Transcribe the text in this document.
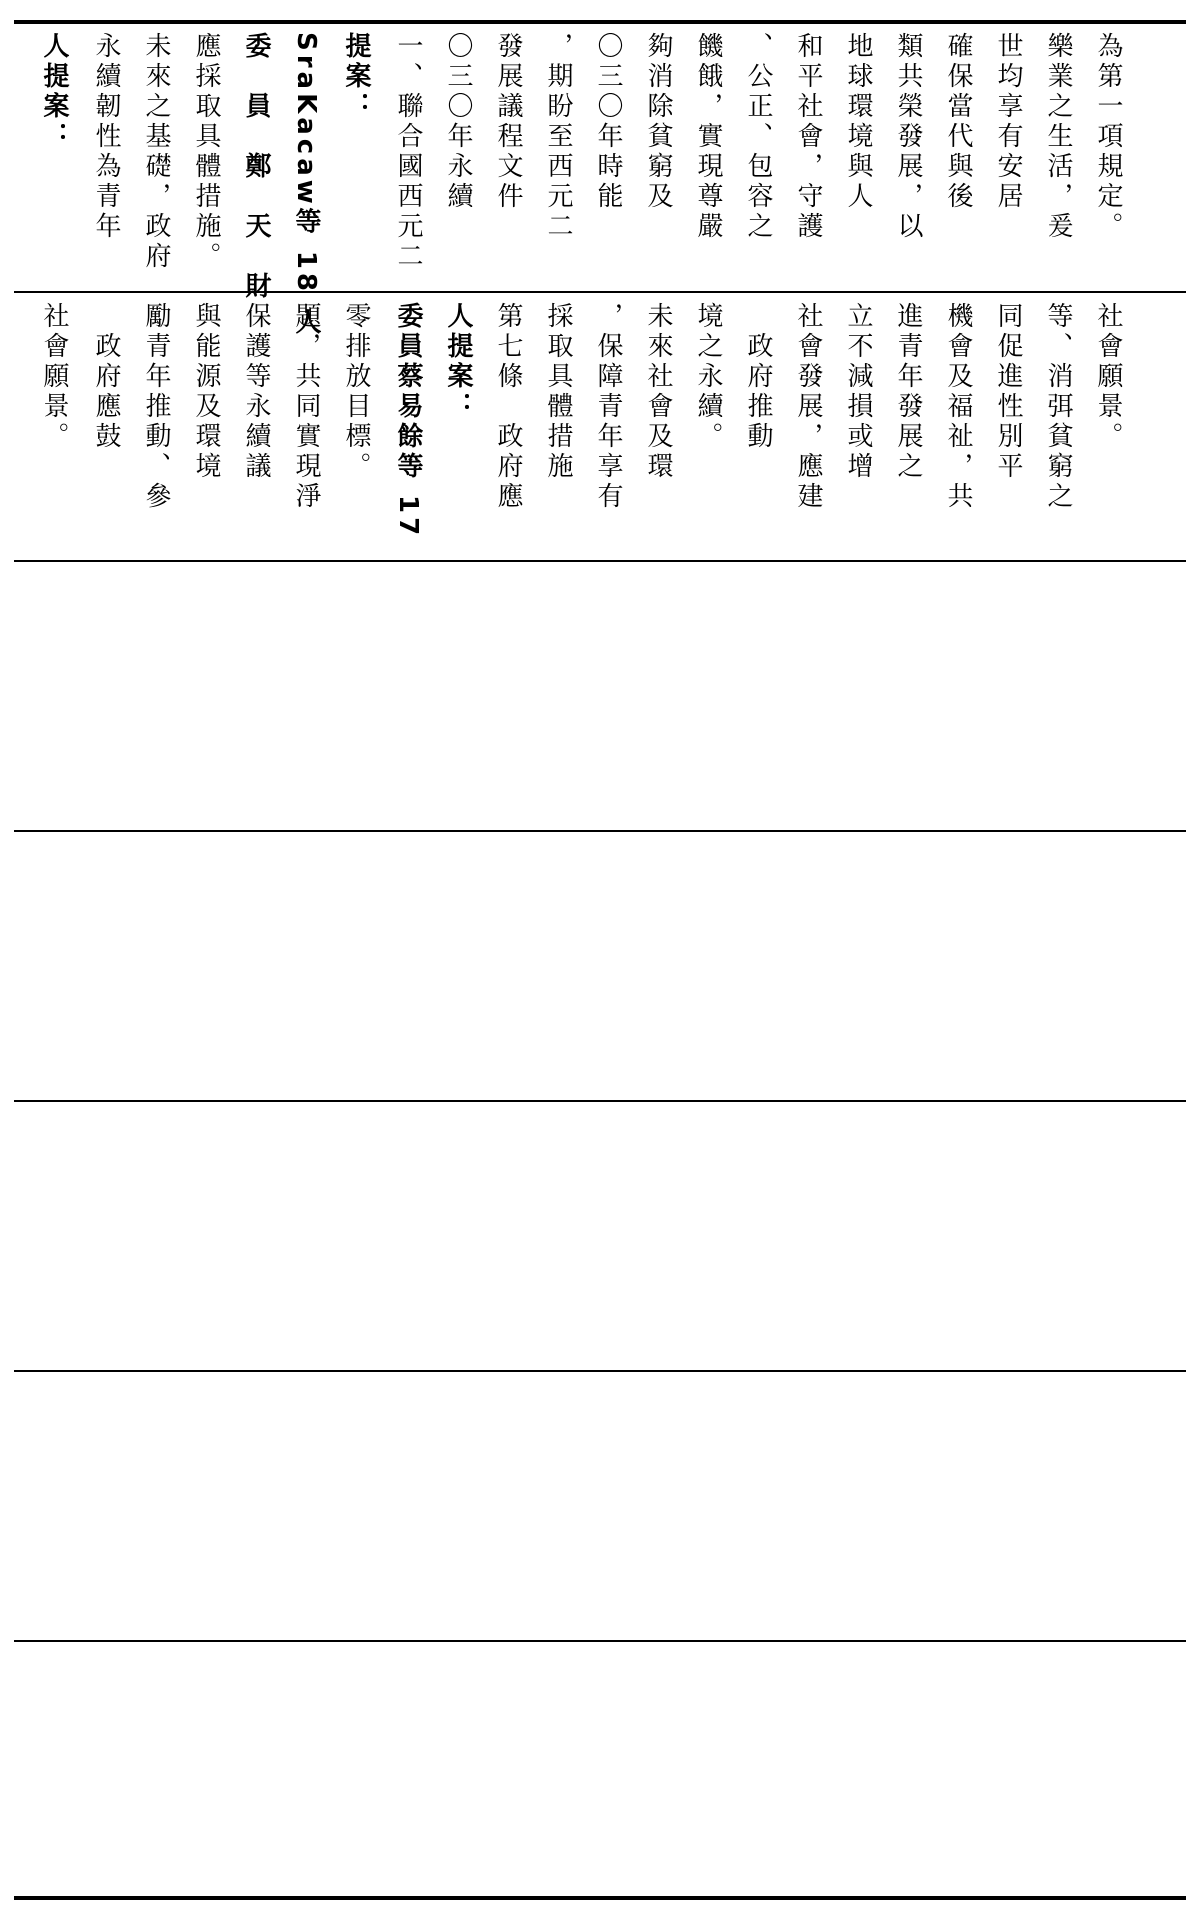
人提案： 永續韌性為青年 未來之基礎，政府 應採取具體措施。 委　員　鄭　天　財 SraKacaw等 18 人 提案： 一、聯合國西元二 〇三〇年永續 發展議程文件 ，期盼至西元二 〇三〇年時能 夠消除貧窮及 饑餓，實現尊嚴 、公正、包容之 和平社會，守護 地球環境與人 類共榮發展，以 確保當代與後 世均享有安居 樂業之生活，爰 為第一項規定。
社會願景。 　政府應鼓 勵青年推動、參 與能源及環境 保護等永續議 題，共同實現淨 零排放目標。 委員蔡易餘等 17 人提案： 第七條　政府應 採取具體措施 ，保障青年享有 未來社會及環 境之永續。 　政府推動 社會發展，應建 立不減損或增 進青年發展之 機會及福祉，共 同促進性別平 等、消弭貧窮之 社會願景。
